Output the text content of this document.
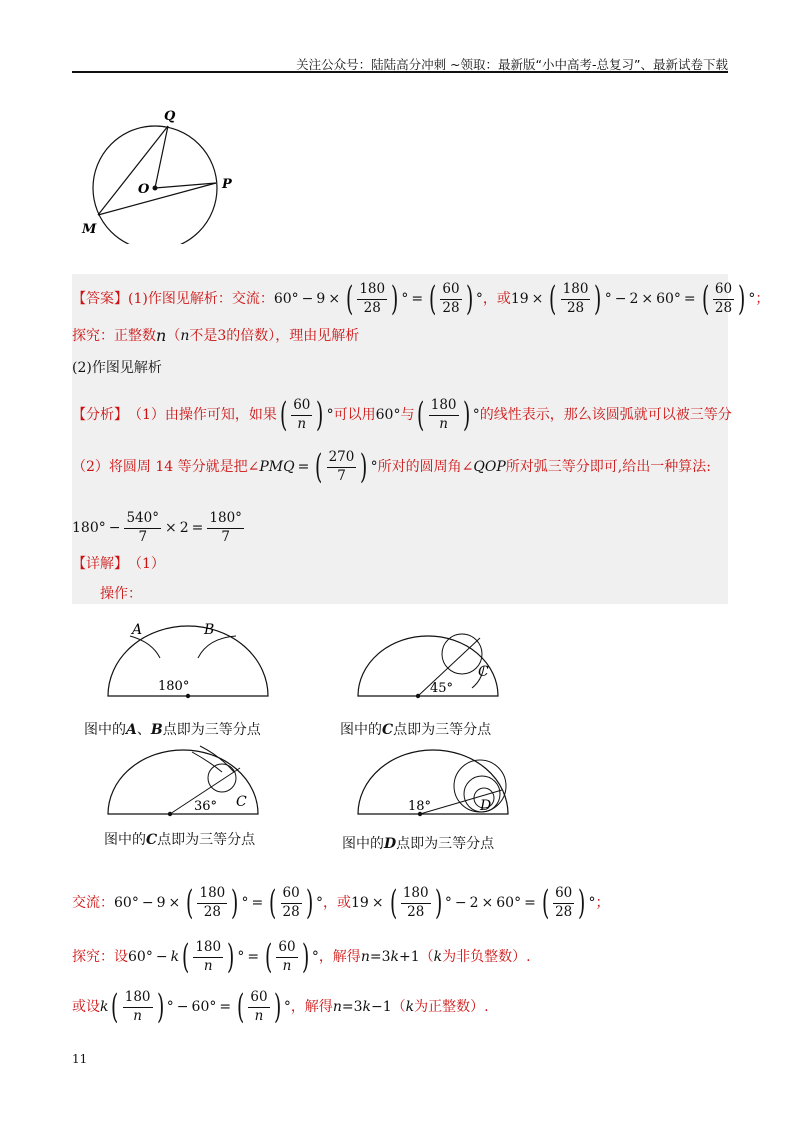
关注公众号：陆陆高分冲刺 ~领取：最新版“小中高考-总复习”、最新试卷下载
Q
O	P
M
【答案】 (1)作图见解析：交流： 60 ° − 9 × ( $\frac{180}{28}$ ) ° = ( $\frac{60}{28}$ ) ° ，或 19 × ( $\frac{180}{28}$ ) ° − 2 × 60 ° = ( $\frac{60}{28}$ ) ° ；
探究：正整数 n （ n 不是3的倍数），理由见解析
(2)作图见解析
【分析】 （1）由操作可知，如果 ( $\frac{60}{n}$ ) ° 可以用 60 ° 与 ( $\frac{180}{n}$ ) ° 的线性表示，那么该圆弧就可以被三等分
（2）将圆周 14 等分就是把∠ PMQ = ( $\frac{270}{7}$ ) ° 所对的圆周角∠ QOP 所对弧三等分即可,给出一种算法:
180 ° − $\frac{540^\circ}{7} \times 2 = \frac{180^\circ}{7}$
【详解】 （1）
操作：
A	B
180°
图中的A、B点即为三等分点
C
45°
图中的C点即为三等分点
C
36°
图中的C点即为三等分点
D
18°
图中的D点即为三等分点
交流： 60 ° − 9 × ( $\frac{180}{28}$ ) ° = ( $\frac{60}{28}$ ) ° ，或 19 × ( $\frac{180}{28}$ ) ° − 2 × 60 ° = ( $\frac{60}{28}$ ) ° ；
探究：设 60 ° − k ( $\frac{180}{n}$ ) ° = ( $\frac{60}{n}$ ) ° ，解得 n =3 k +1 （ k 为非负整数）.
或设 k ( $\frac{180}{n}$ ) ° − 60 ° = ( $\frac{60}{n}$ ) ° ，解得 n =3 k −1 （ k 为正整数）.
11
